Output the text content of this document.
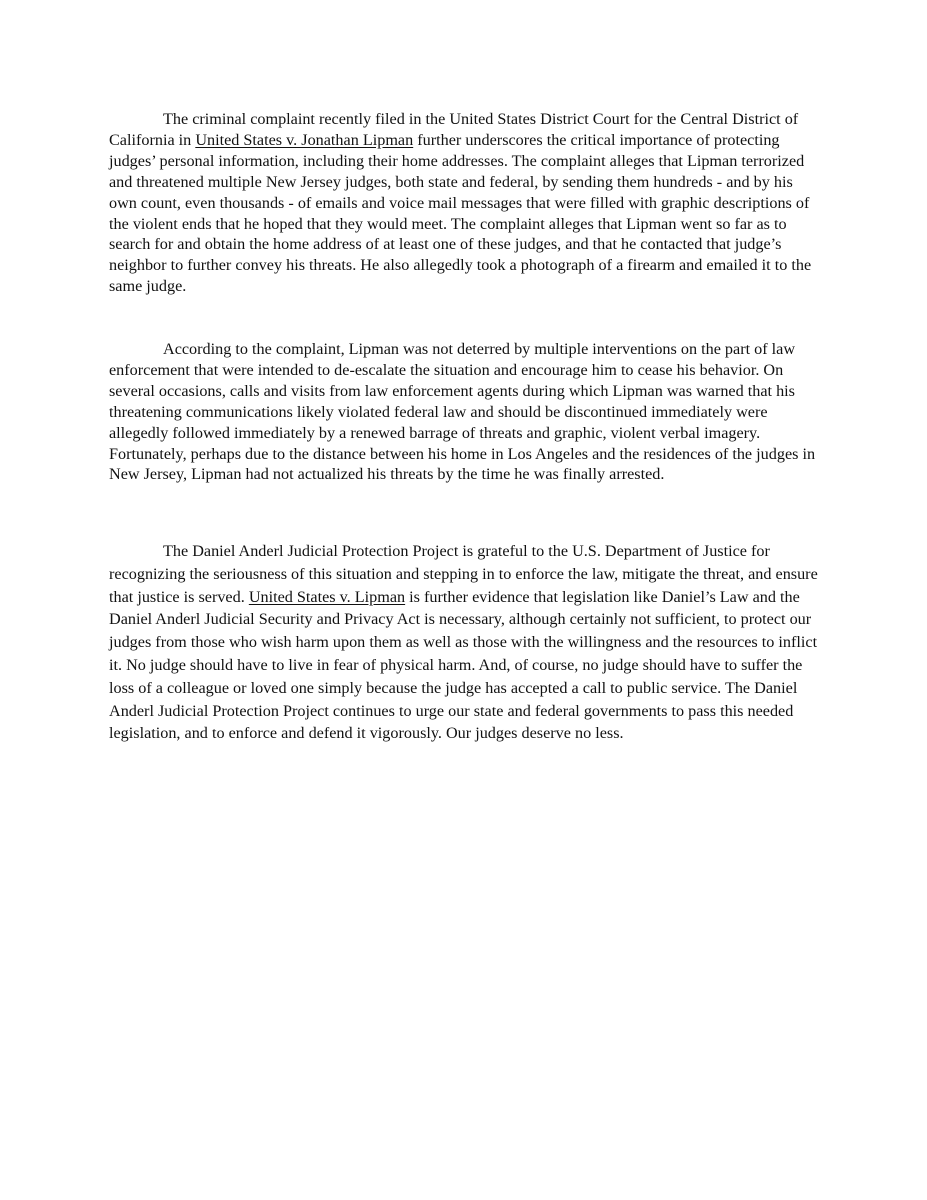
The criminal complaint recently filed in the United States District Court for the Central District of California in United States v. Jonathan Lipman further underscores the critical importance of protecting judges’ personal information, including their home addresses. The complaint alleges that Lipman terrorized and threatened multiple New Jersey judges, both state and federal, by sending them hundreds - and by his own count, even thousands - of emails and voice mail messages that were filled with graphic descriptions of the violent ends that he hoped that they would meet. The complaint alleges that Lipman went so far as to search for and obtain the home address of at least one of these judges, and that he contacted that judge’s neighbor to further convey his threats. He also allegedly took a photograph of a firearm and emailed it to the same judge.

According to the complaint, Lipman was not deterred by multiple interventions on the part of law enforcement that were intended to de-escalate the situation and encourage him to cease his behavior. On several occasions, calls and visits from law enforcement agents during which Lipman was warned that his threatening communications likely violated federal law and should be discontinued immediately were allegedly followed immediately by a renewed barrage of threats and graphic, violent verbal imagery. Fortunately, perhaps due to the distance between his home in Los Angeles and the residences of the judges in New Jersey, Lipman had not actualized his threats by the time he was finally arrested.

The Daniel Anderl Judicial Protection Project is grateful to the U.S. Department of Justice for recognizing the seriousness of this situation and stepping in to enforce the law, mitigate the threat, and ensure that justice is served. United States v. Lipman is further evidence that legislation like Daniel’s Law and the Daniel Anderl Judicial Security and Privacy Act is necessary, although certainly not sufficient, to protect our judges from those who wish harm upon them as well as those with the willingness and the resources to inflict it. No judge should have to live in fear of physical harm. And, of course, no judge should have to suffer the loss of a colleague or loved one simply because the judge has accepted a call to public service. The Daniel Anderl Judicial Protection Project continues to urge our state and federal governments to pass this needed legislation, and to enforce and defend it vigorously. Our judges deserve no less.
